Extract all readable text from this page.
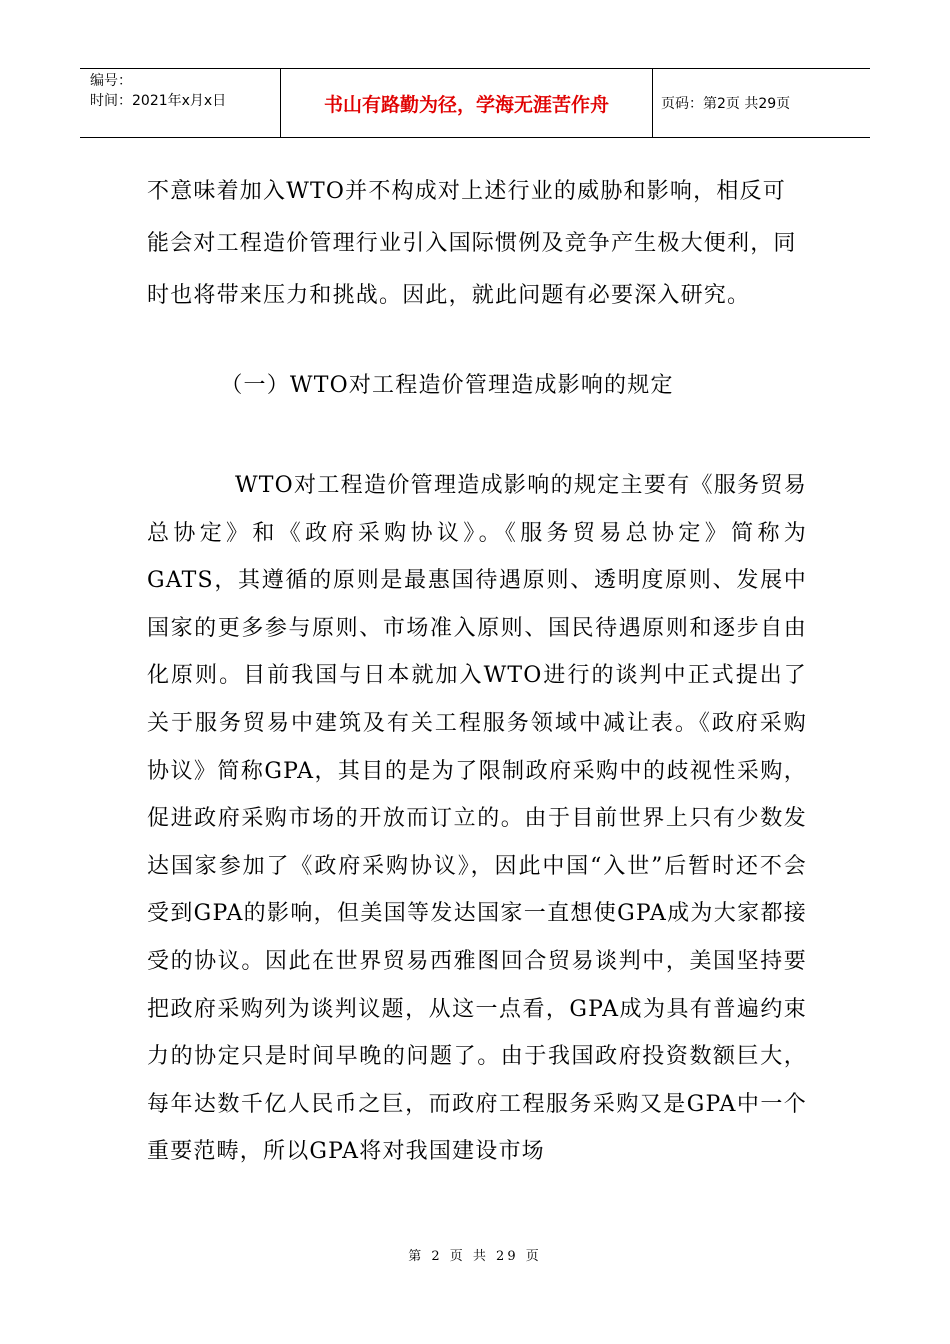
编号：
时间：2021年x月x日	书山有路勤为径，学海无涯苦作舟	页码：第2页 共29页
不意味着加入WTO并不构成对上述行业的威胁和影响，相反可能会对工程造价管理行业引入国际惯例及竞争产生极大便利，同时也将带来压力和挑战。因此，就此问题有必要深入研究。
（一）WTO对工程造价管理造成影响的规定
WTO对工程造价管理造成影响的规定主要有《服务贸易总协定》和《政府采购协议》。《服务贸易总协定》简称为GATS，其遵循的原则是最惠国待遇原则、透明度原则、发展中国家的更多参与原则、市场准入原则、国民待遇原则和逐步自由化原则。目前我国与日本就加入WTO进行的谈判中正式提出了关于服务贸易中建筑及有关工程服务领域中减让表。《政府采购协议》简称GPA，其目的是为了限制政府采购中的歧视性采购，促进政府采购市场的开放而订立的。由于目前世界上只有少数发达国家参加了《政府采购协议》，因此中国“入世”后暂时还不会受到GPA的影响，但美国等发达国家一直想使GPA成为大家都接受的协议。因此在世界贸易西雅图回合贸易谈判中，美国坚持要把政府采购列为谈判议题，从这一点看，GPA成为具有普遍约束力的协定只是时间早晚的问题了。由于我国政府投资数额巨大，每年达数千亿人民币之巨，而政府工程服务采购又是GPA中一个重要范畴，所以GPA将对我国建设市场
第 2 页 共 29 页
